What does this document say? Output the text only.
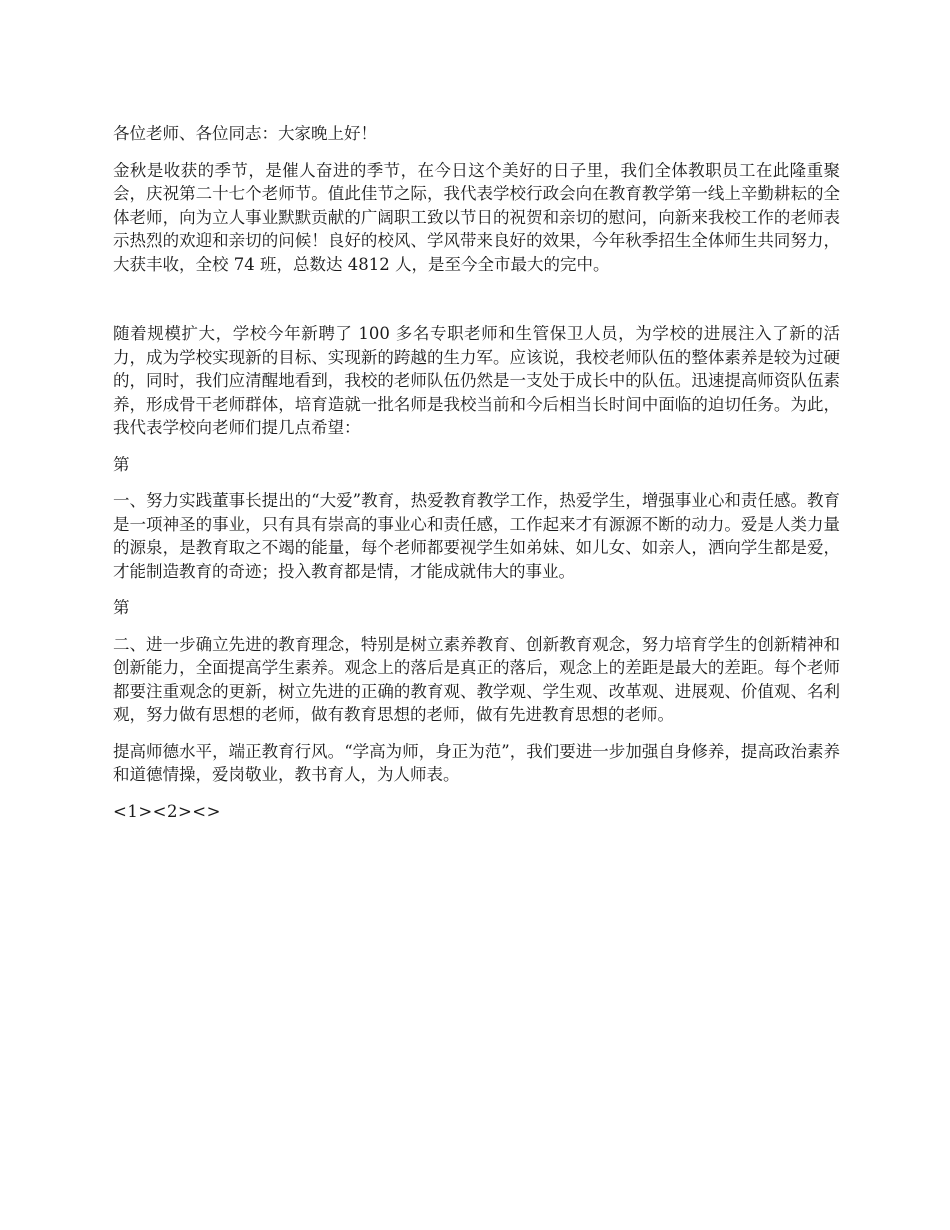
各位老师、各位同志：大家晚上好！

金秋是收获的季节，是催人奋进的季节，在今日这个美好的日子里，我们全体教职员工在此隆重聚会，庆祝第二十七个老师节。值此佳节之际，我代表学校行政会向在教育教学第一线上辛勤耕耘的全体老师，向为立人事业默默贡献的广阔职工致以节日的祝贺和亲切的慰问，向新来我校工作的老师表示热烈的欢迎和亲切的问候！良好的校风、学风带来良好的效果，今年秋季招生全体师生共同努力，大获丰收，全校 74 班，总数达 4812 人，是至今全市最大的完中。

随着规模扩大，学校今年新聘了 100 多名专职老师和生管保卫人员，为学校的进展注入了新的活力，成为学校实现新的目标、实现新的跨越的生力军。应该说，我校老师队伍的整体素养是较为过硬的，同时，我们应清醒地看到，我校的老师队伍仍然是一支处于成长中的队伍。迅速提高师资队伍素养，形成骨干老师群体，培育造就一批名师是我校当前和今后相当长时间中面临的迫切任务。为此，我代表学校向老师们提几点希望：

第

一、努力实践董事长提出的“大爱”教育，热爱教育教学工作，热爱学生，增强事业心和责任感。教育是一项神圣的事业，只有具有崇高的事业心和责任感，工作起来才有源源不断的动力。爱是人类力量的源泉，是教育取之不竭的能量，每个老师都要视学生如弟妹、如儿女、如亲人，洒向学生都是爱，才能制造教育的奇迹；投入教育都是情，才能成就伟大的事业。

第

二、进一步确立先进的教育理念，特别是树立素养教育、创新教育观念，努力培育学生的创新精神和创新能力，全面提高学生素养。观念上的落后是真正的落后，观念上的差距是最大的差距。每个老师都要注重观念的更新，树立先进的正确的教育观、教学观、学生观、改革观、进展观、价值观、名利观，努力做有思想的老师，做有教育思想的老师，做有先进教育思想的老师。

提高师德水平，端正教育行风。“学高为师，身正为范”，我们要进一步加强自身修养，提高政治素养和道德情操，爱岗敬业，教书育人，为人师表。

<1><2><>
